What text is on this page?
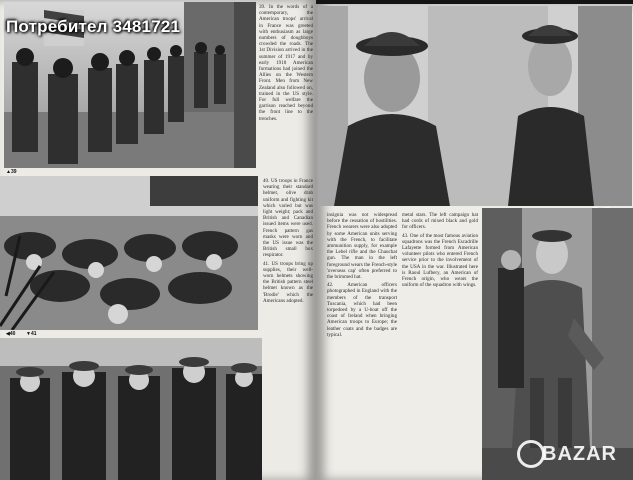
▲39
◀40 ▼41

39. In the words of a contemporary, the American troops' arrival in France was greeted with enthusiasm as large numbers of doughboys crowded the roads. The 1st Division arrived in the summer of 1917 and by early 1918 American formations had joined the Allies on the Western Front. Men from New Zealand also followed on, trained in the US style. For full welfare the garrison reached beyond the front line to the trenches.

40. US troops in France wearing their standard helmet, olive drab uniform and fighting kit which varied but was light weight; pack and British and Canadian issued items were used. French pattern gas masks were worn and the US issue was the British small box respirator.

41. US troops bring up supplies, their well-worn helmets showing the British pattern steel helmet known as the 'Brodie' which the Americans adopted.

insignia was not widespread before the cessation of hostilities. French wearers were also adopted by some American units serving with the French, to facilitate ammunition supply, for example the Lebel rifle and the Chauchat gun. The man in the left foreground wears the French-style 'overseas cap' often preferred to the brimmed hat.

42. American officers photographed in England with the members of the transport Tuscania, which had been torpedoed by a U-boat off the coast of Ireland when bringing American troops to Europe; the leather coats and the badges are typical.

metal stars. The left campaign hat had cords of mixed black and gold for officers.

43. One of the most famous aviation squadrons was the French Escadrille Lafayette formed from American volunteer pilots who entered French service prior to the involvement of the USA in the war. Illustrated here is Raoul Lufbery, an American of French origin, who wears the uniform of the squadron with wings.

Потребител 3481721
BAZAR
